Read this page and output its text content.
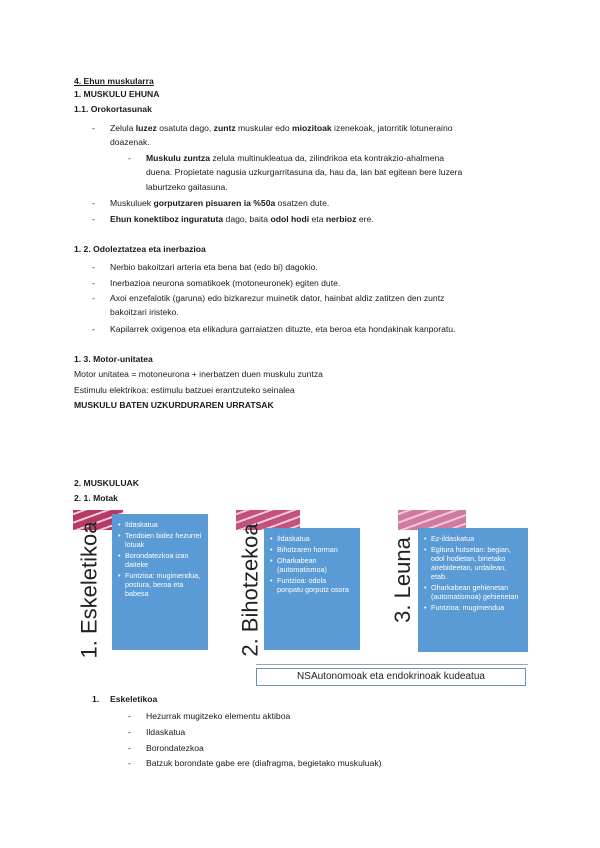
4. Ehun muskularra
1. MUSKULU EHUNA
1.1. Orokortasunak
- Zelula luzez osatuta dago, zuntz muskular edo miozitoak izenekoak, jatorritik lotuneraino
doazenak.
- Muskulu zuntza zelula multinukleatua da, zilindrikoa eta kontrakzio-ahalmena
duena. Propietate nagusia uzkurgarritasuna da, hau da, lan bat egitean bere luzera
laburtzeko gaitasuna.
- Muskuluek gorputzaren pisuaren ia %50a osatzen dute.
- Ehun konektiboz inguratuta dago, baita odol hodi eta nerbioz ere.
1. 2. Odoleztatzea eta inerbazioa
- Nerbio bakoitzari arteria eta bena bat (edo bi) dagokio.
- Inerbazioa neurona somatikoek (motoneuronek) egiten dute.
- Axoi enzefalotik (garuna) edo bizkarezur muinetik dator, hainbat aldiz zatitzen den zuntz
bakoitzari iristeko.
- Kapilarrek oxigenoa eta elikadura garraiatzen dituzte, eta beroa eta hondakinak kanporatu.
1. 3. Motor-unitatea
Motor unitatea = motoneurona + inerbatzen duen muskulu zuntza
Estimulu elektrikoa: estimulu batzuei erantzuteko seinalea
MUSKULU BATEN UZKURDURAREN URRATSAK
2. MUSKULUAK
2. 1. Motak
1. Eskeletikoa	• Ildaskatua
• Tendoien bidez hezurrei lotuak
• Borondatezkoa izan daiteke
• Funtzioa: mugimendua, postura, beroa eta babesa	2. Bihotzekoa	• Ildaskatua
• Bihotzaren horman
• Oharkabean (automatismoa)
• Funtzioa: odola ponpatu gorputz osora 3. Leuna	• Ez-ildaskatua
• Egitura hutsetan: begian, odol hodietan, birietako airebideetan, urdailean, etab.
• Oharkabean gehienetan (automatismoa) gehienetan
• Funtzioa: mugimendua
NSAutonomoak eta endokrinoak kudeatua
1. Eskeletikoa
- Hezurrak mugitzeko elementu aktiboa
- Ildaskatua
- Borondatezkoa
- Batzuk borondate gabe ere (diafragma, begietako muskuluak)
